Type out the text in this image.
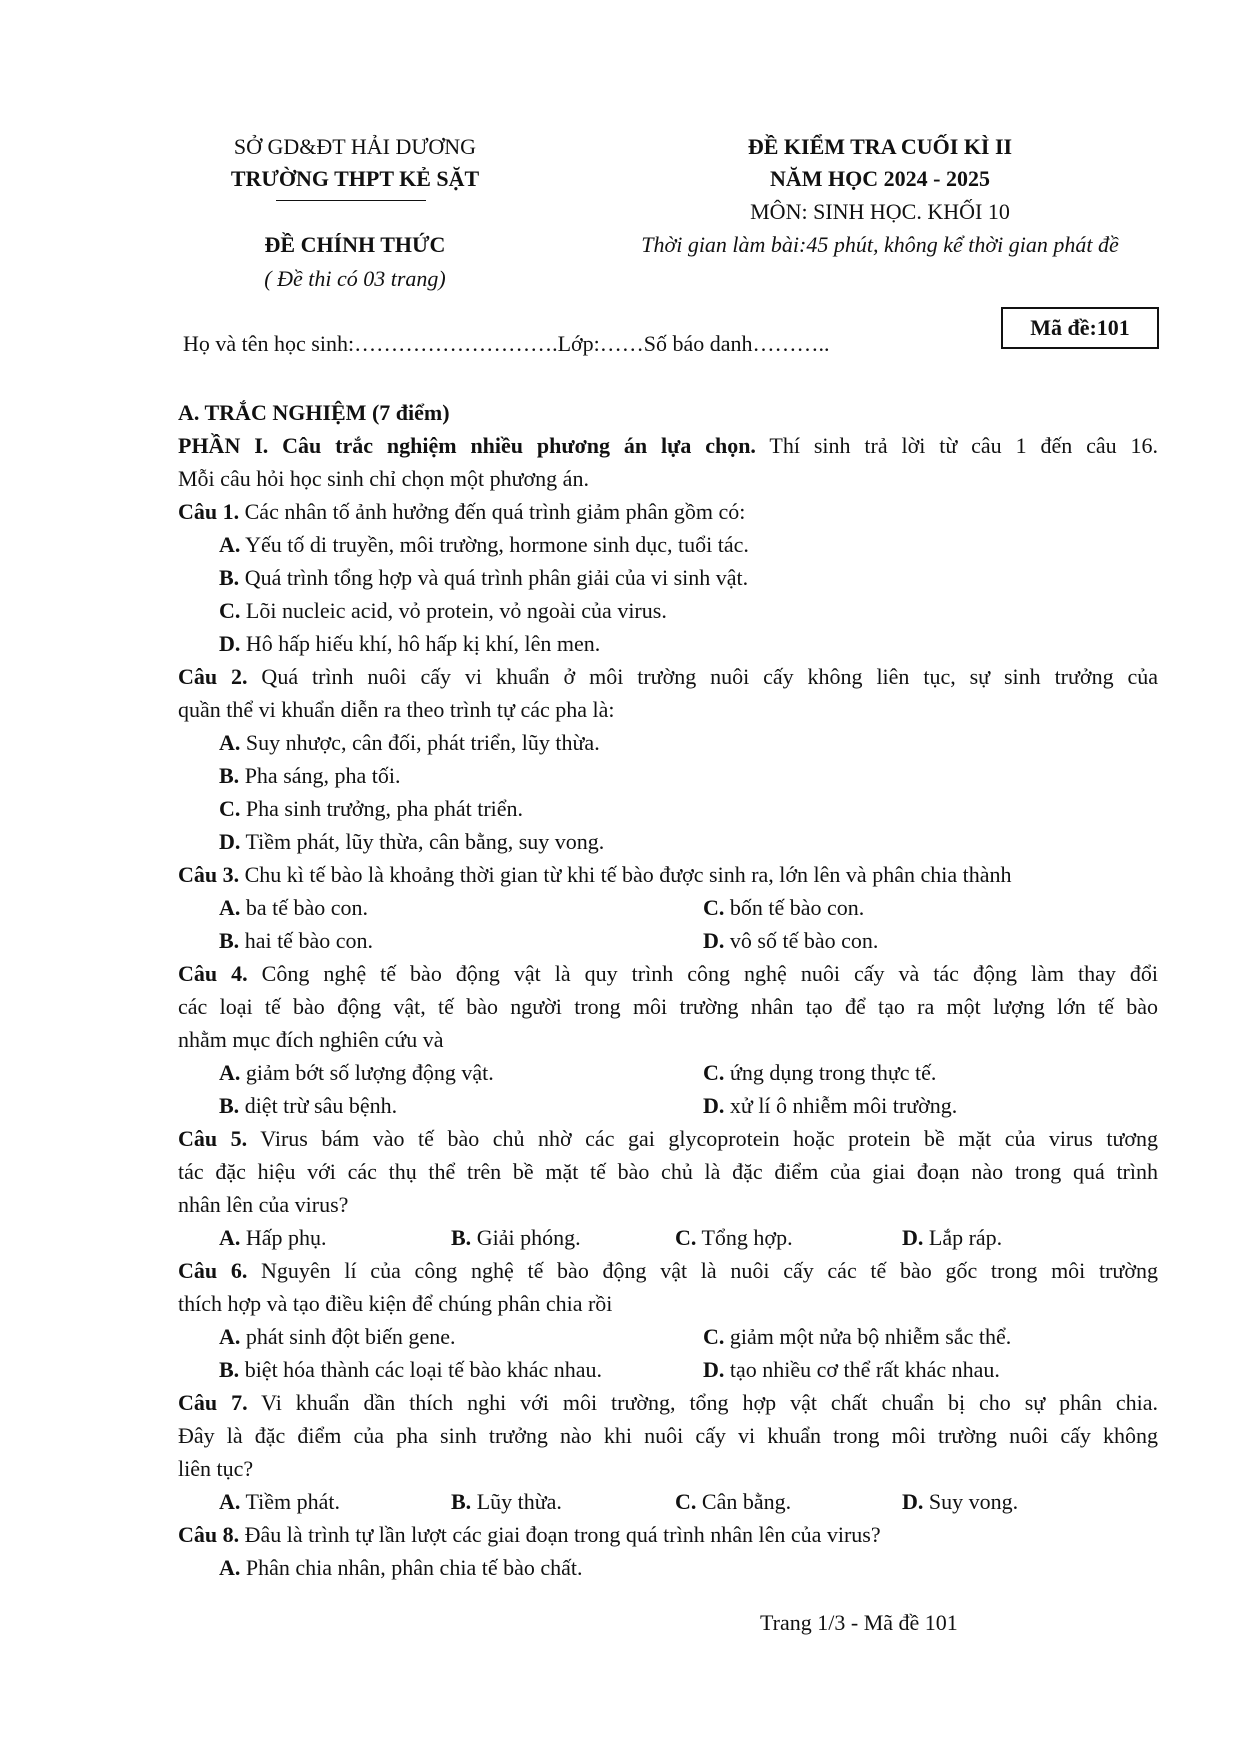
SỞ GD&ĐT HẢI DƯƠNG
TRƯỜNG THPT KẺ SẶT
ĐỀ CHÍNH THỨC
( Đề thi có 03 trang)
ĐỀ KIỂM TRA CUỐI KÌ II
NĂM HỌC 2024 - 2025
MÔN: SINH HỌC. KHỐI 10
Thời gian làm bài:45 phút, không kể thời gian phát đề
Mã đề:101
Họ và tên học sinh:……………………….Lớp:……Số báo danh………..
A. TRẮC NGHIỆM (7 điểm)
PHẦN I. Câu trắc nghiệm nhiều phương án lựa chọn. Thí sinh trả lời từ câu 1 đến câu 16.
Mỗi câu hỏi học sinh chỉ chọn một phương án.
Câu 1. Các nhân tố ảnh hưởng đến quá trình giảm phân gồm có:
A. Yếu tố di truyền, môi trường, hormone sinh dục, tuổi tác.
B. Quá trình tổng hợp và quá trình phân giải của vi sinh vật.
C. Lõi nucleic acid, vỏ protein, vỏ ngoài của virus.
D. Hô hấp hiếu khí, hô hấp kị khí, lên men.
Câu 2. Quá trình nuôi cấy vi khuẩn ở môi trường nuôi cấy không liên tục, sự sinh trưởng của
quần thể vi khuẩn diễn ra theo trình tự các pha là:
A. Suy nhược, cân đối, phát triển, lũy thừa.
B. Pha sáng, pha tối.
C. Pha sinh trưởng, pha phát triển.
D. Tiềm phát, lũy thừa, cân bằng, suy vong.
Câu 3. Chu kì tế bào là khoảng thời gian từ khi tế bào được sinh ra, lớn lên và phân chia thành
A. ba tế bào con.	C. bốn tế bào con.
B. hai tế bào con.	D. vô số tế bào con.
Câu 4. Công nghệ tế bào động vật là quy trình công nghệ nuôi cấy và tác động làm thay đổi
các loại tế bào động vật, tế bào người trong môi trường nhân tạo để tạo ra một lượng lớn tế bào
nhằm mục đích nghiên cứu và
A. giảm bớt số lượng động vật.	C. ứng dụng trong thực tế.
B. diệt trừ sâu bệnh.	D. xử lí ô nhiễm môi trường.
Câu 5. Virus bám vào tế bào chủ nhờ các gai glycoprotein hoặc protein bề mặt của virus tương
tác đặc hiệu với các thụ thể trên bề mặt tế bào chủ là đặc điểm của giai đoạn nào trong quá trình
nhân lên của virus?
A. Hấp phụ.	B. Giải phóng.	C. Tổng hợp.	D. Lắp ráp.
Câu 6. Nguyên lí của công nghệ tế bào động vật là nuôi cấy các tế bào gốc trong môi trường
thích hợp và tạo điều kiện để chúng phân chia rồi
A. phát sinh đột biến gene.	C. giảm một nửa bộ nhiễm sắc thể.
B. biệt hóa thành các loại tế bào khác nhau.	D. tạo nhiều cơ thể rất khác nhau.
Câu 7. Vi khuẩn dần thích nghi với môi trường, tổng hợp vật chất chuẩn bị cho sự phân chia.
Đây là đặc điểm của pha sinh trưởng nào khi nuôi cấy vi khuẩn trong môi trường nuôi cấy không
liên tục?
A. Tiềm phát.	B. Lũy thừa.	C. Cân bằng.	D. Suy vong.
Câu 8. Đâu là trình tự lần lượt các giai đoạn trong quá trình nhân lên của virus?
A. Phân chia nhân, phân chia tế bào chất.
Trang 1/3 - Mã đề 101
